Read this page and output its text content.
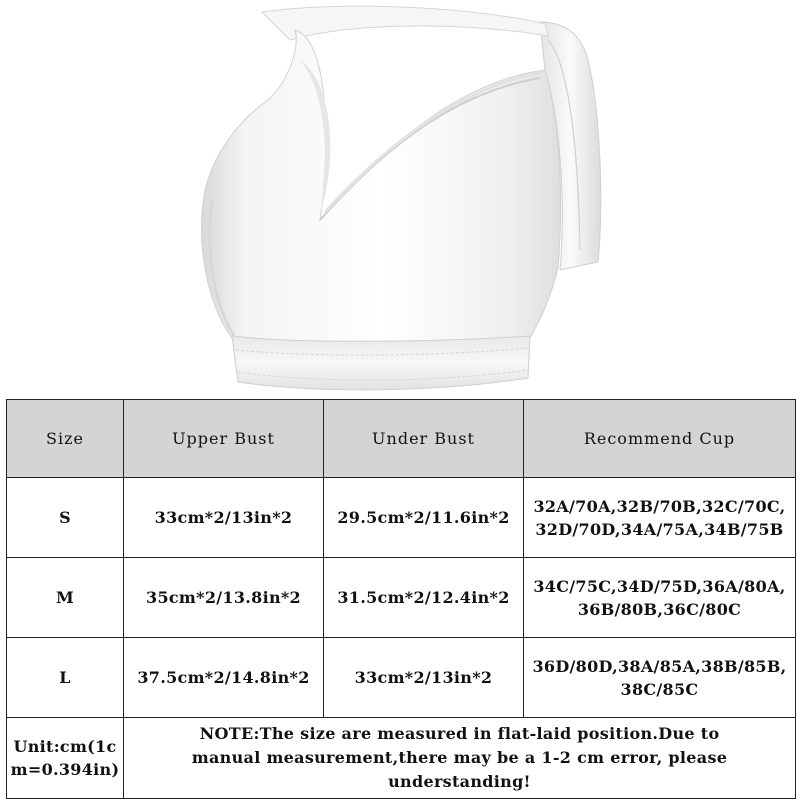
Size	Upper Bust	Under Bust	Recommend Cup
S	33cm*2/13in*2	29.5cm*2/11.6in*2	32A/70A,32B/70B,32C/70C,
32D/70D,34A/75A,34B/75B
M	35cm*2/13.8in*2	31.5cm*2/12.4in*2	34C/75C,34D/75D,36A/80A,
36B/80B,36C/80C
L	37.5cm*2/14.8in*2	33cm*2/13in*2	36D/80D,38A/85A,38B/85B,
38C/85C
Unit:cm(1c
m=0.394in)	NOTE:The size are measured in flat-laid position.Due to
manual measurement,there may be a 1-2 cm error, please
understanding!		
